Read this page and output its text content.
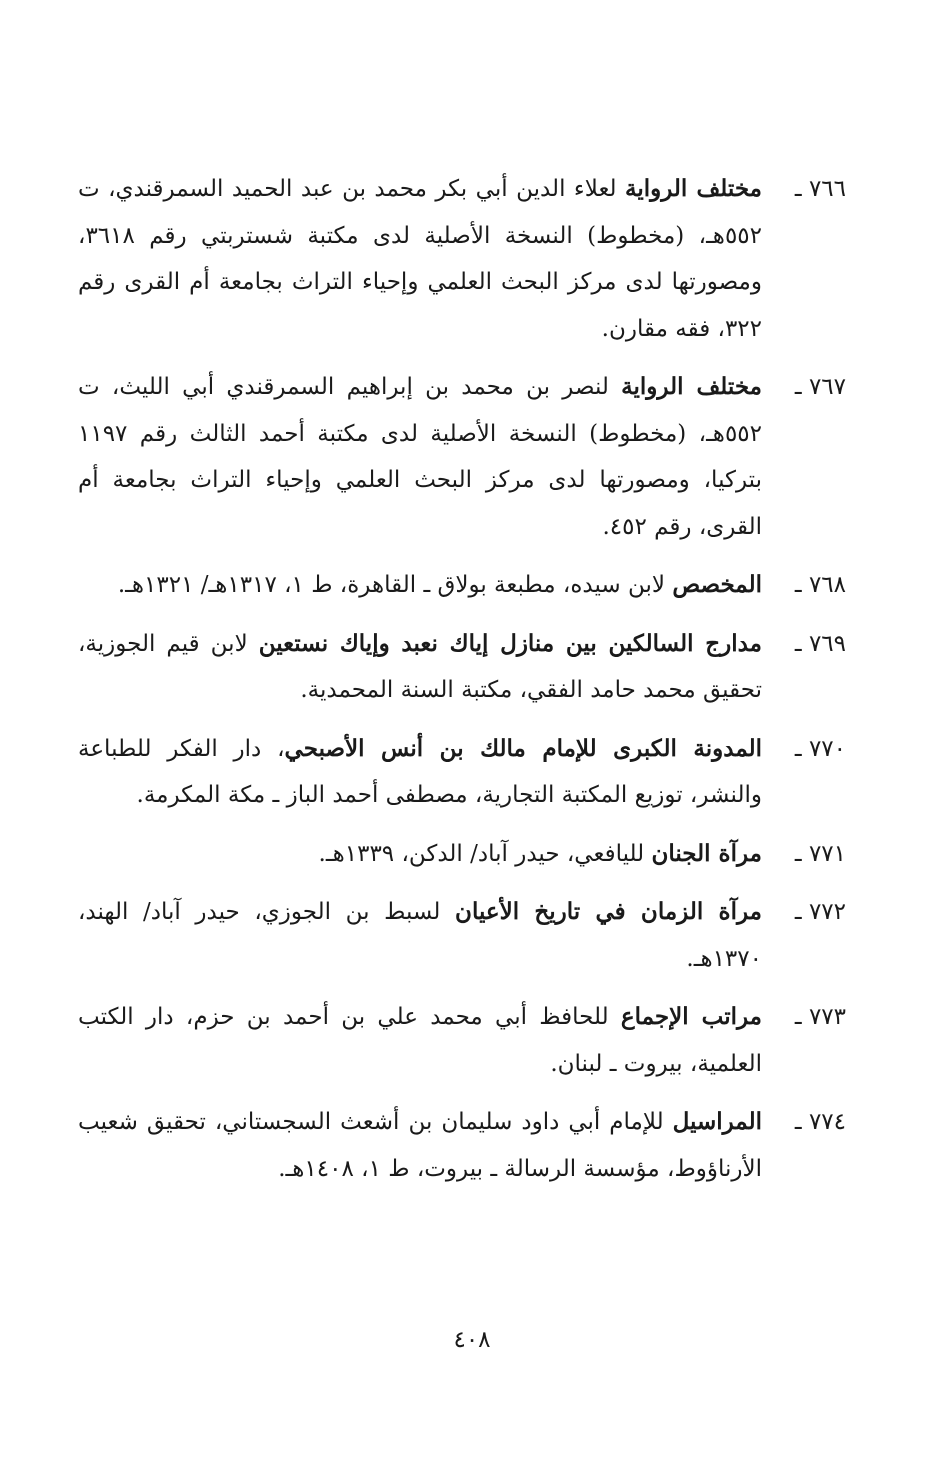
٧٦٦ ـ
مختلف الرواية لعلاء الدين أبي بكر محمد بن عبد الحميد السمرقندي، ت ٥٥٢هـ، (مخطوط) النسخة الأصلية لدى مكتبة شستربتي رقم ٣٦١٨، ومصورتها لدى مركز البحث العلمي وإحياء التراث بجامعة أم القرى رقم ٣٢٢، فقه مقارن.
٧٦٧ ـ
مختلف الرواية لنصر بن محمد بن إبراهيم السمرقندي أبي الليث، ت ٥٥٢هـ، (مخطوط) النسخة الأصلية لدى مكتبة أحمد الثالث رقم ١١٩٧ بتركيا، ومصورتها لدى مركز البحث العلمي وإحياء التراث بجامعة أم القرى، رقم ٤٥٢.
٧٦٨ ـ
المخصص لابن سيده، مطبعة بولاق ـ القاهرة، ط ١، ١٣١٧هـ/ ١٣٢١هـ.
٧٦٩ ـ
مدارج السالكين بين منازل إياك نعبد وإياك نستعين لابن قيم الجوزية، تحقيق محمد حامد الفقي، مكتبة السنة المحمدية.
٧٧٠ ـ
المدونة الكبرى للإمام مالك بن أنس الأصبحي، دار الفكر للطباعة والنشر، توزيع المكتبة التجارية، مصطفى أحمد الباز ـ مكة المكرمة.
٧٧١ ـ
مرآة الجنان لليافعي، حيدر آباد/ الدكن، ١٣٣٩هـ.
٧٧٢ ـ
مرآة الزمان في تاريخ الأعيان لسبط بن الجوزي، حيدر آباد/ الهند، ١٣٧٠هـ.
٧٧٣ ـ
مراتب الإجماع للحافظ أبي محمد علي بن أحمد بن حزم، دار الكتب العلمية، بيروت ـ لبنان.
٧٧٤ ـ
المراسيل للإمام أبي داود سليمان بن أشعث السجستاني، تحقيق شعيب الأرناؤوط، مؤسسة الرسالة ـ بيروت، ط ١، ١٤٠٨هـ.
٤٠٨
